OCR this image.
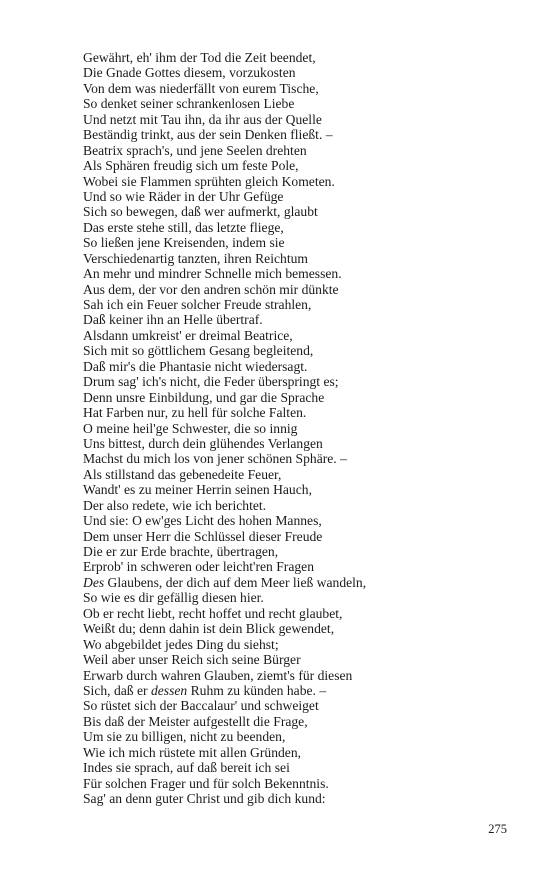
Gewährt, eh' ihm der Tod die Zeit beendet,
Die Gnade Gottes diesem, vorzukosten
Von dem was niederfällt von eurem Tische,
So denket seiner schrankenlosen Liebe
Und netzt mit Tau ihn, da ihr aus der Quelle
Beständig trinkt, aus der sein Denken fließt. –
Beatrix sprach's, und jene Seelen drehten
Als Sphären freudig sich um feste Pole,
Wobei sie Flammen sprühten gleich Kometen.
Und so wie Räder in der Uhr Gefüge
Sich so bewegen, daß wer aufmerkt, glaubt
Das erste stehe still, das letzte fliege,
So ließen jene Kreisenden, indem sie
Verschiedenartig tanzten, ihren Reichtum
An mehr und mindrer Schnelle mich bemessen.
Aus dem, der vor den andren schön mir dünkte
Sah ich ein Feuer solcher Freude strahlen,
Daß keiner ihn an Helle übertraf.
Alsdann umkreist' er dreimal Beatrice,
Sich mit so göttlichem Gesang begleitend,
Daß mir's die Phantasie nicht wiedersagt.
Drum sag' ich's nicht, die Feder überspringt es;
Denn unsre Einbildung, und gar die Sprache
Hat Farben nur, zu hell für solche Falten.
O meine heil'ge Schwester, die so innig
Uns bittest, durch dein glühendes Verlangen
Machst du mich los von jener schönen Sphäre. –
Als stillstand das gebenedeite Feuer,
Wandt' es zu meiner Herrin seinen Hauch,
Der also redete, wie ich berichtet.
Und sie: O ew'ges Licht des hohen Mannes,
Dem unser Herr die Schlüssel dieser Freude
Die er zur Erde brachte, übertragen,
Erprob' in schweren oder leicht'ren Fragen
Des Glaubens, der dich auf dem Meer ließ wandeln,
So wie es dir gefällig diesen hier.
Ob er recht liebt, recht hoffet und recht glaubet,
Weißt du; denn dahin ist dein Blick gewendet,
Wo abgebildet jedes Ding du siehst;
Weil aber unser Reich sich seine Bürger
Erwarb durch wahren Glauben, ziemt's für diesen
Sich, daß er dessen Ruhm zu künden habe. –
So rüstet sich der Baccalaur' und schweiget
Bis daß der Meister aufgestellt die Frage,
Um sie zu billigen, nicht zu beenden,
Wie ich mich rüstete mit allen Gründen,
Indes sie sprach, auf daß bereit ich sei
Für solchen Frager und für solch Bekenntnis.
Sag' an denn guter Christ und gib dich kund:
275
